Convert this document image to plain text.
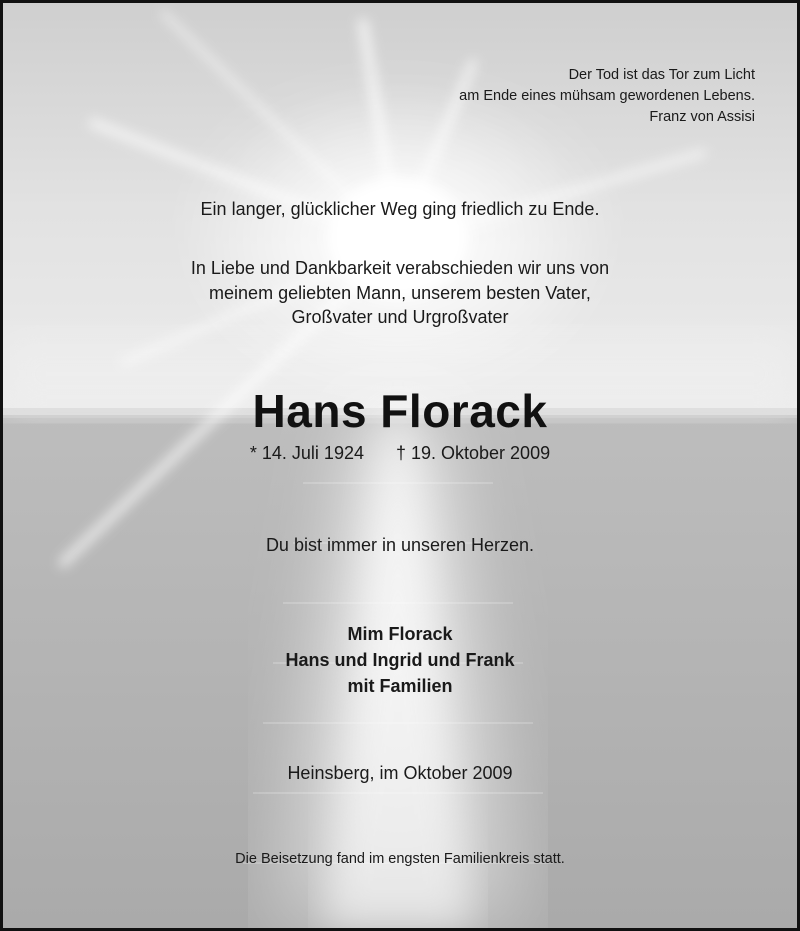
Der Tod ist das Tor zum Licht
am Ende eines mühsam gewordenen Lebens.
Franz von Assisi
Ein langer, glücklicher Weg ging friedlich zu Ende.
In Liebe und Dankbarkeit verabschieden wir uns von
meinem geliebten Mann, unserem besten Vater,
Großvater und Urgroßvater
Hans Florack
* 14. Juli 1924 † 19. Oktober 2009
Du bist immer in unseren Herzen.
Mim Florack
Hans und Ingrid und Frank
mit Familien
Heinsberg, im Oktober 2009
Die Beisetzung fand im engsten Familienkreis statt.
